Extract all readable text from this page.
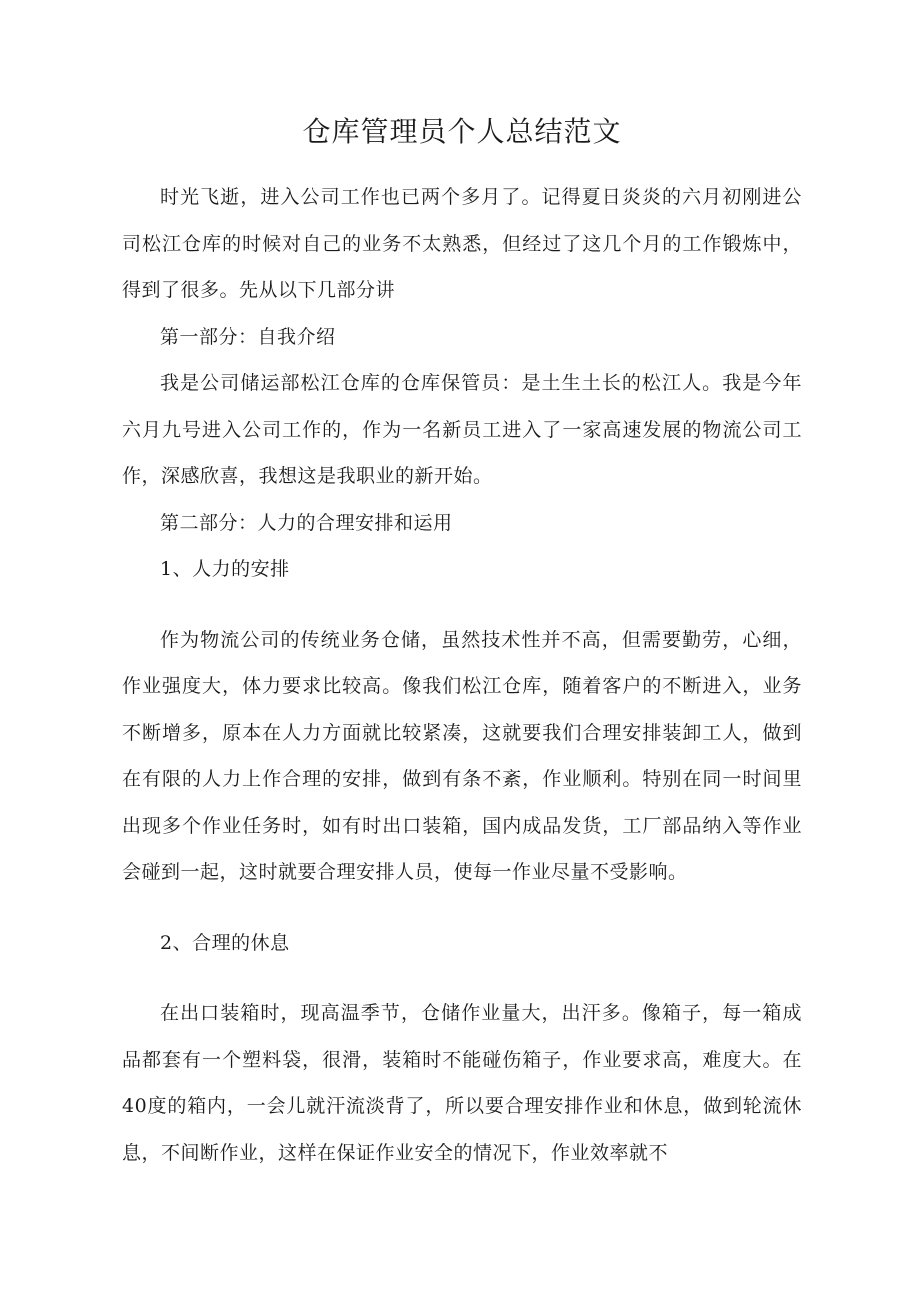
仓库管理员个人总结范文

时光飞逝，进入公司工作也已两个多月了。记得夏日炎炎的六月初刚进公司松江仓库的时候对自己的业务不太熟悉，但经过了这几个月的工作锻炼中，得到了很多。先从以下几部分讲

第一部分：自我介绍

我是公司储运部松江仓库的仓库保管员：是土生土长的松江人。我是今年六月九号进入公司工作的，作为一名新员工进入了一家高速发展的物流公司工作，深感欣喜，我想这是我职业的新开始。

第二部分：人力的合理安排和运用

1、人力的安排

作为物流公司的传统业务仓储，虽然技术性并不高，但需要勤劳，心细，作业强度大，体力要求比较高。像我们松江仓库，随着客户的不断进入，业务不断增多，原本在人力方面就比较紧凑，这就要我们合理安排装卸工人，做到在有限的人力上作合理的安排，做到有条不紊，作业顺利。特别在同一时间里出现多个作业任务时，如有时出口装箱，国内成品发货，工厂部品纳入等作业会碰到一起，这时就要合理安排人员，使每一作业尽量不受影响。

2、合理的休息

在出口装箱时，现高温季节，仓储作业量大，出汗多。像箱子，每一箱成品都套有一个塑料袋，很滑，装箱时不能碰伤箱子，作业要求高，难度大。在40度的箱内，一会儿就汗流淡背了，所以要合理安排作业和休息，做到轮流休息，不间断作业，这样在保证作业安全的情况下，作业效率就不
